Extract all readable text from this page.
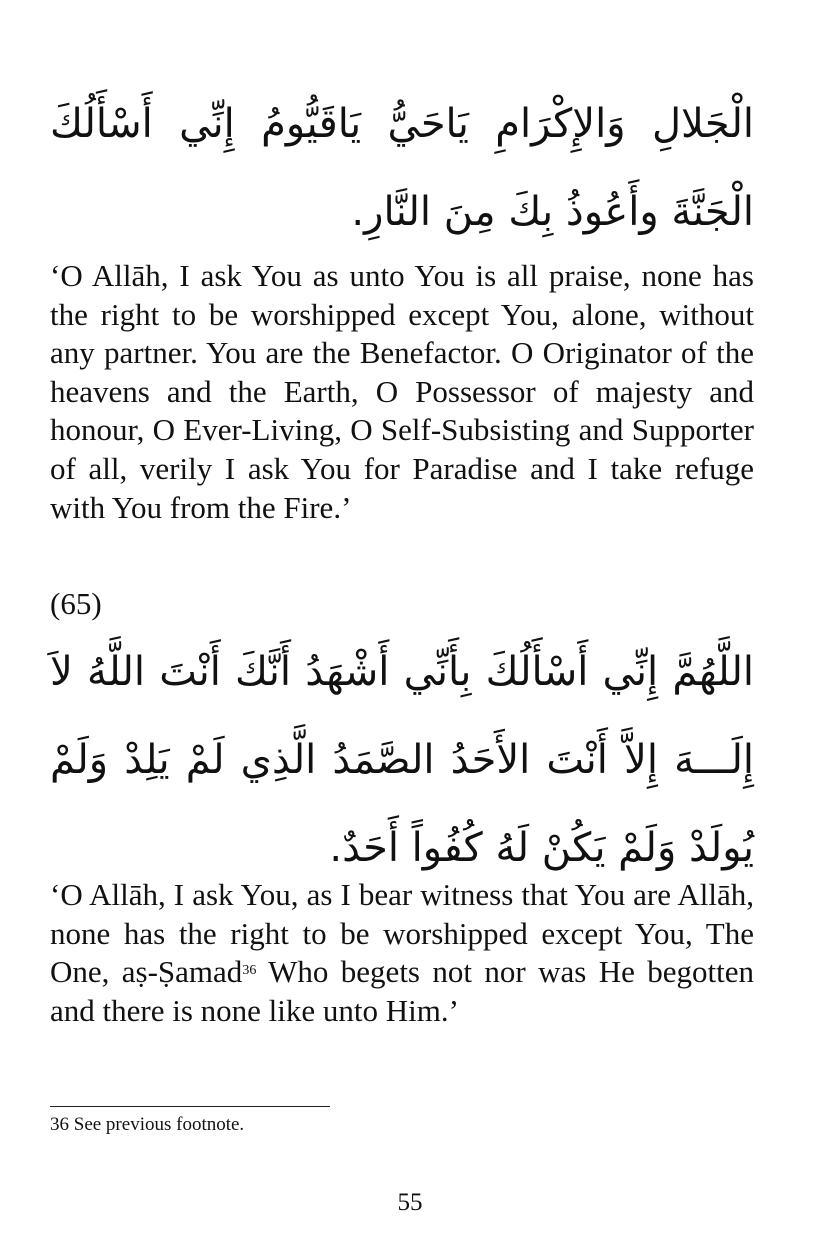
الْجَلالِ وَالإِكْرَامِ يَاحَيُّ يَاقَيُّومُ إِنِّي أَسْأَلُكَ الْجَنَّةَ وأَعُوذُ بِكَ مِنَ النَّارِ.

‘O Allāh, I ask You as unto You is all praise, none has the right to be worshipped except You, alone, without any partner. You are the Benefactor. O Originator of the heavens and the Earth, O Possessor of majesty and honour, O Ever-Living, O Self-Subsisting and Supporter of all, verily I ask You for Paradise and I take refuge with You from the Fire.’

(65)

اللَّهُمَّ إِنِّي أَسْأَلُكَ بِأَنِّي أَشْهَدُ أَنَّكَ أَنْتَ اللَّهُ لاَ إِلَـــهَ إِلاَّ أَنْتَ الأَحَدُ الصَّمَدُ الَّذِي لَمْ يَلِدْ وَلَمْ يُولَدْ وَلَمْ يَكُنْ لَهُ كُفُواً أَحَدٌ.

‘O Allāh, I ask You, as I bear witness that You are Allāh, none has the right to be worshipped except You, The One, aṣ-Ṣamad$^{36}$ Who begets not nor was He begotten and there is none like unto Him.’

36 See previous footnote.

55
